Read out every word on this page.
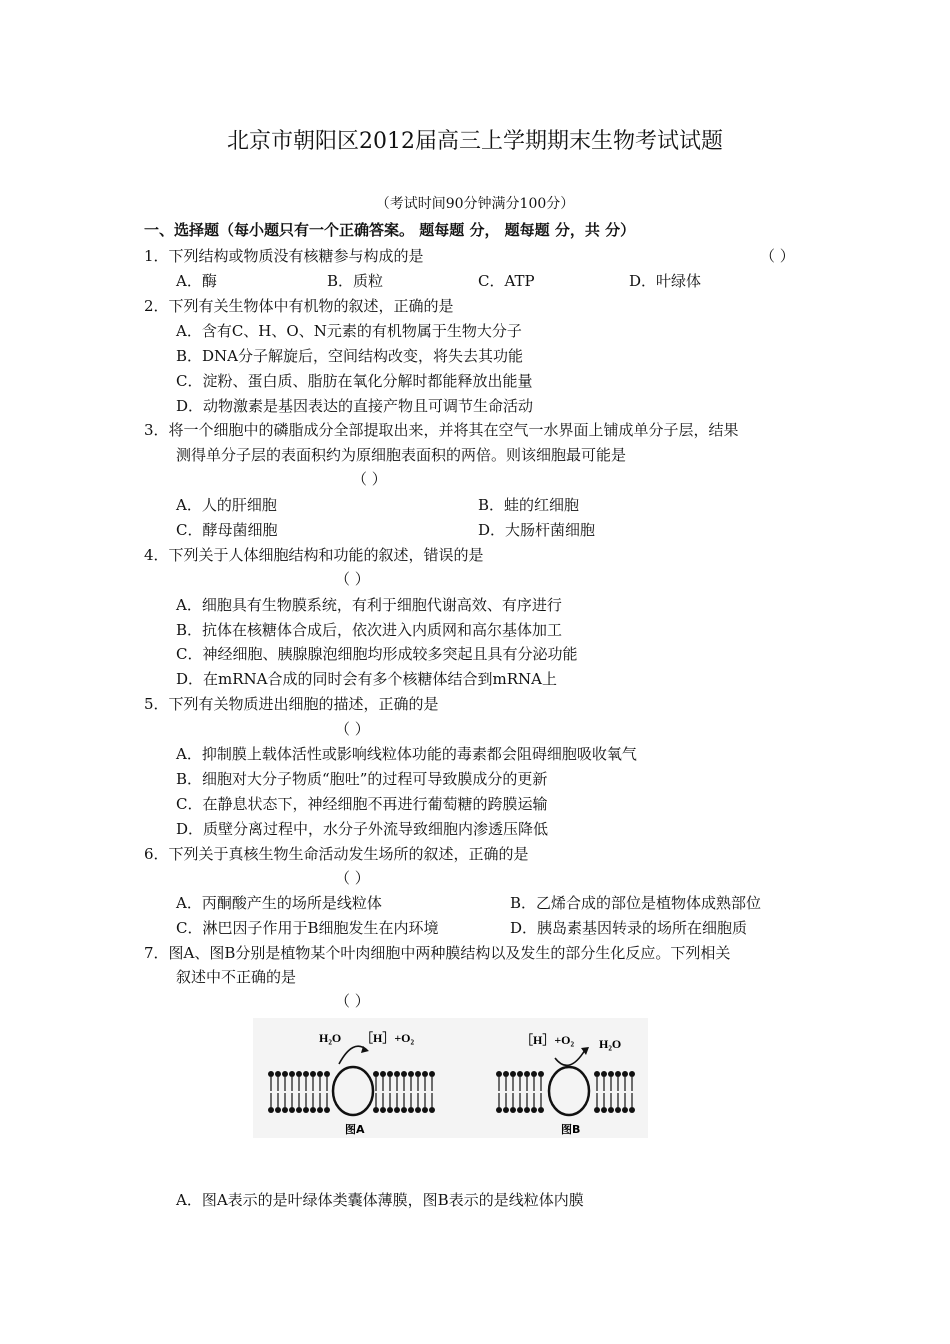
北京市朝阳区2012届高三上学期期末生物考试试题
（考试时间90分钟满分100分）
一、选择题（每小题只有一个正确答案。 题每题 分， 题每题 分，共 分）
1．下列结构或物质没有核糖参与构成的是	（ ）
A．酶	B．质粒	C．ATP	D．叶绿体
2．下列有关生物体中有机物的叙述，正确的是
A．含有C、H、O、N元素的有机物属于生物大分子
B．DNA分子解旋后，空间结构改变，将失去其功能
C．淀粉、蛋白质、脂肪在氧化分解时都能释放出能量
D．动物激素是基因表达的直接产物且可调节生命活动
3．将一个细胞中的磷脂成分全部提取出来，并将其在空气一水界面上铺成单分子层，结果
测得单分子层的表面积约为原细胞表面积的两倍。则该细胞最可能是
（ ）
A．人的肝细胞	B．蛙的红细胞
C．酵母菌细胞	D．大肠杆菌细胞
4．下列关于人体细胞结构和功能的叙述，错误的是
（ ）
A．细胞具有生物膜系统，有利于细胞代谢高效、有序进行
B．抗体在核糖体合成后，依次进入内质网和高尔基体加工
C．神经细胞、胰腺腺泡细胞均形成较多突起且具有分泌功能
D．在mRNA合成的同时会有多个核糖体结合到mRNA上
5．下列有关物质进出细胞的描述，正确的是
（ ）
A．抑制膜上载体活性或影响线粒体功能的毒素都会阻碍细胞吸收氧气
B．细胞对大分子物质“胞吐”的过程可导致膜成分的更新
C．在静息状态下，神经细胞不再进行葡萄糖的跨膜运输
D．质壁分离过程中，水分子外流导致细胞内渗透压降低
6．下列关于真核生物生命活动发生场所的叙述，正确的是
（ ）
A．丙酮酸产生的场所是线粒体	B．乙烯合成的部位是植物体成熟部位
C．淋巴因子作用于B细胞发生在内环境	D．胰岛素基因转录的场所在细胞质
7．图A、图B分别是植物某个叶肉细胞中两种膜结构以及发生的部分生化反应。下列相关
叙述中不正确的是
（ ）
H₂O ［H］+O₂
图A
［H］+O₂ H₂O
图B
A．图A表示的是叶绿体类囊体薄膜，图B表示的是线粒体内膜
